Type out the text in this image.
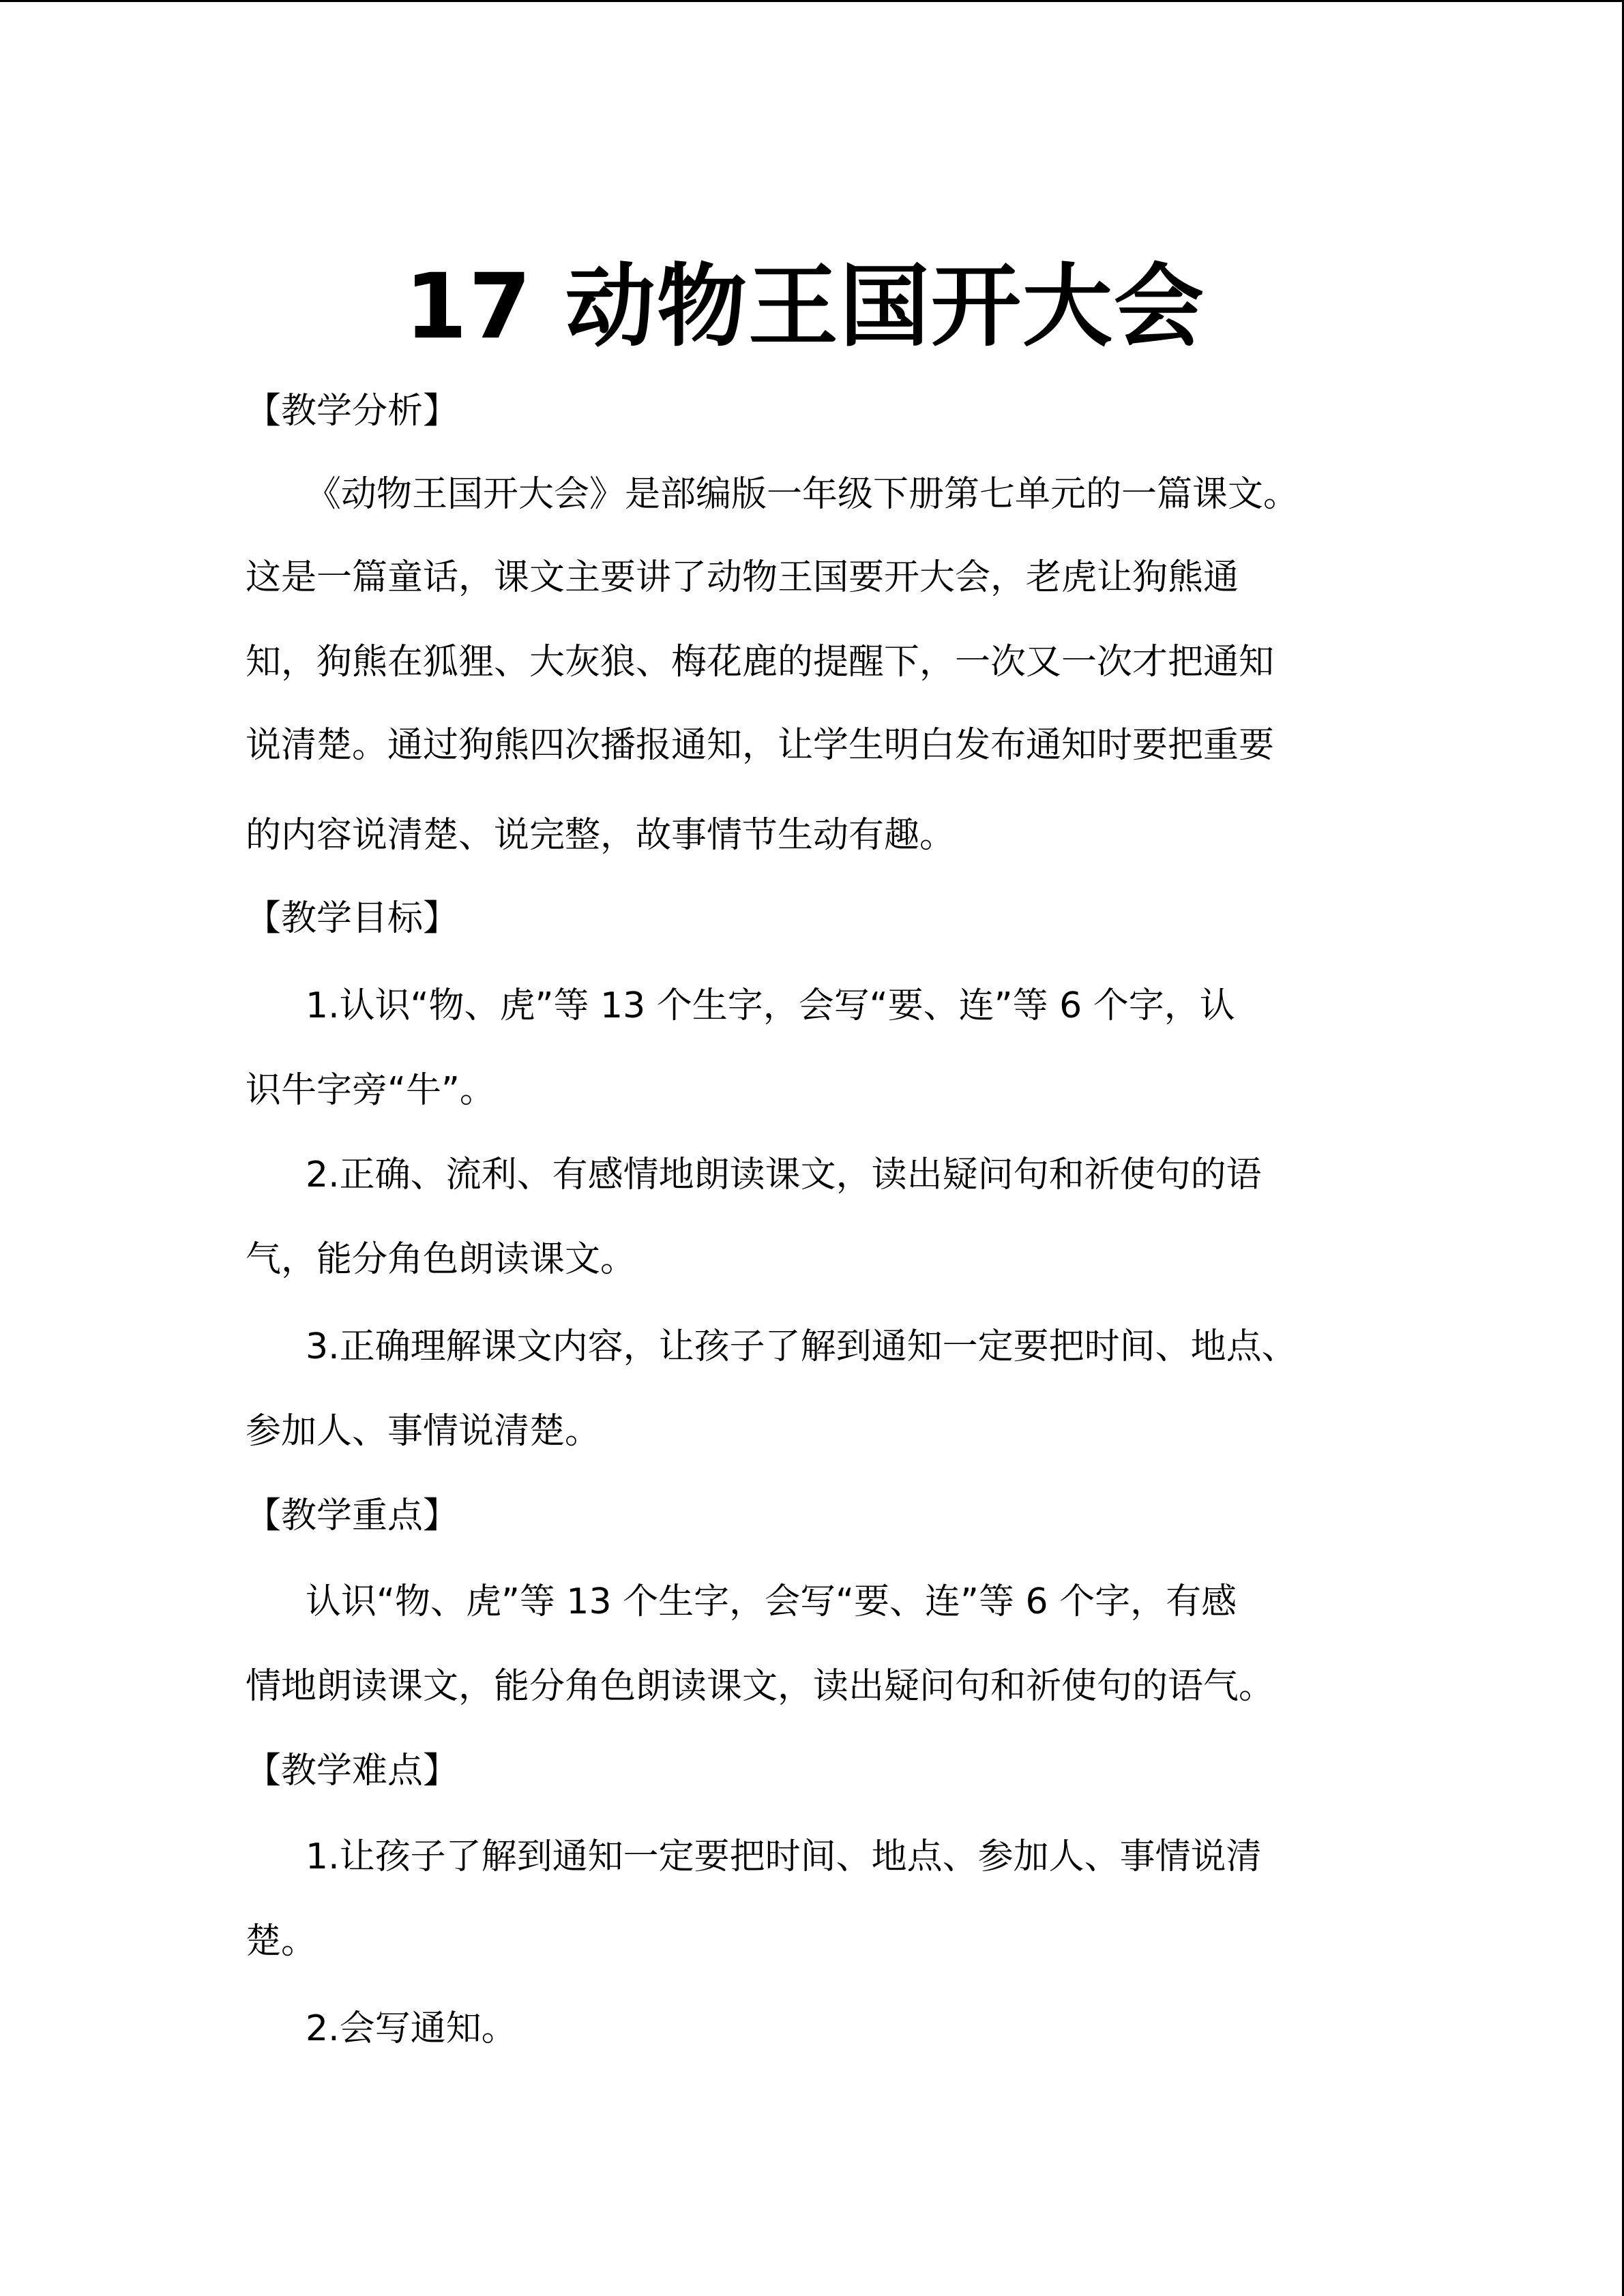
17 动物王国开大会
【教学分析】
《动物王国开大会》是部编版一年级下册第七单元的一篇课文。
这是一篇童话，课文主要讲了动物王国要开大会，老虎让狗熊通
知，狗熊在狐狸、大灰狼、梅花鹿的提醒下，一次又一次才把通知
说清楚。通过狗熊四次播报通知，让学生明白发布通知时要把重要
的内容说清楚、说完整，故事情节生动有趣。
【教学目标】
1.认识“物、虎”等 13 个生字，会写“要、连”等 6 个字，认
识牛字旁“牛”。
2.正确、流利、有感情地朗读课文，读出疑问句和祈使句的语
气，能分角色朗读课文。
3.正确理解课文内容，让孩子了解到通知一定要把时间、地点、
参加人、事情说清楚。
【教学重点】
认识“物、虎”等 13 个生字，会写“要、连”等 6 个字，有感
情地朗读课文，能分角色朗读课文，读出疑问句和祈使句的语气。
【教学难点】
1.让孩子了解到通知一定要把时间、地点、参加人、事情说清
楚。
2.会写通知。
